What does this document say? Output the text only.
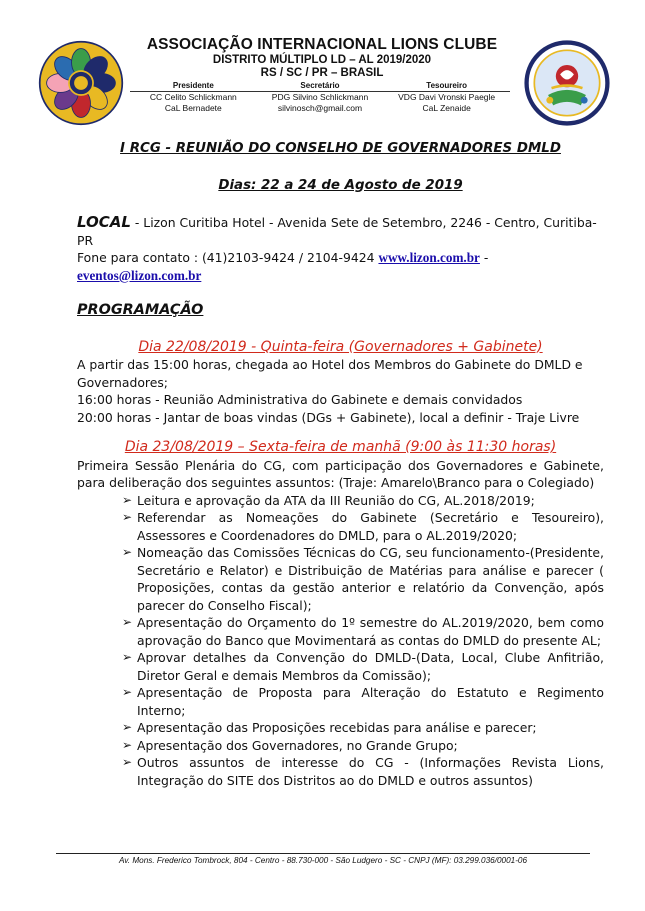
ASSOCIAÇÃO INTERNACIONAL LIONS CLUBE
DISTRITO MÚLTIPLO LD – AL 2019/2020
RS / SC / PR – BRASIL
Presidente
CC Celito Schlickmann
CaL Bernadete
Secretário
PDG Silvino Schlickmann
silvinosch@gmail.com
Tesoureiro
VDG Davi Vronski Paegle
CaL Zenaide
I RCG - REUNIÃO DO CONSELHO DE GOVERNADORES DMLD
Dias: 22 a 24 de Agosto de 2019
LOCAL - Lizon Curitiba Hotel - Avenida Sete de Setembro, 2246 - Centro, Curitiba-PR
Fone para contato : (41)2103-9424 / 2104-9424 www.lizon.com.br -
eventos@lizon.com.br
PROGRAMAÇÃO
Dia 22/08/2019 - Quinta-feira (Governadores + Gabinete)

A partir das 15:00 horas, chegada ao Hotel dos Membros do Gabinete do DMLD e Governadores;

16:00 horas - Reunião Administrativa do Gabinete e demais convidados

20:00 horas - Jantar de boas vindas (DGs + Gabinete), local a definir - Traje Livre

Dia 23/08/2019 – Sexta-feira de manhã (9:00 às 11:30 horas)

Primeira Sessão Plenária do CG, com participação dos Governadores e Gabinete, para deliberação dos seguintes assuntos: (Traje: Amarelo\Branco para o Colegiado)

➢ Leitura e aprovação da ATA da III Reunião do CG, AL.2018/2019;
➢ Referendar as Nomeações do Gabinete (Secretário e Tesoureiro), Assessores e Coordenadores do DMLD, para o AL.2019/2020;
➢ Nomeação das Comissões Técnicas do CG, seu funcionamento-(Presidente, Secretário e Relator) e Distribuição de Matérias para análise e parecer ( Proposições, contas da gestão anterior e relatório da Convenção, após parecer do Conselho Fiscal);
➢ Apresentação do Orçamento do 1º semestre do AL.2019/2020, bem como aprovação do Banco que Movimentará as contas do DMLD do presente AL;
➢ Aprovar detalhes da Convenção do DMLD-(Data, Local, Clube Anfitrião, Diretor Geral e demais Membros da Comissão);
➢ Apresentação de Proposta para Alteração do Estatuto e Regimento Interno;
➢ Apresentação das Proposições recebidas para análise e parecer;
➢ Apresentação dos Governadores, no Grande Grupo;
➢ Outros assuntos de interesse do CG - (Informações Revista Lions, Integração do SITE dos Distritos ao do DMLD e outros assuntos)
Av. Mons. Frederico Tombrock, 804 - Centro - 88.730-000 - São Ludgero - SC - CNPJ (MF): 03.299.036/0001-06
